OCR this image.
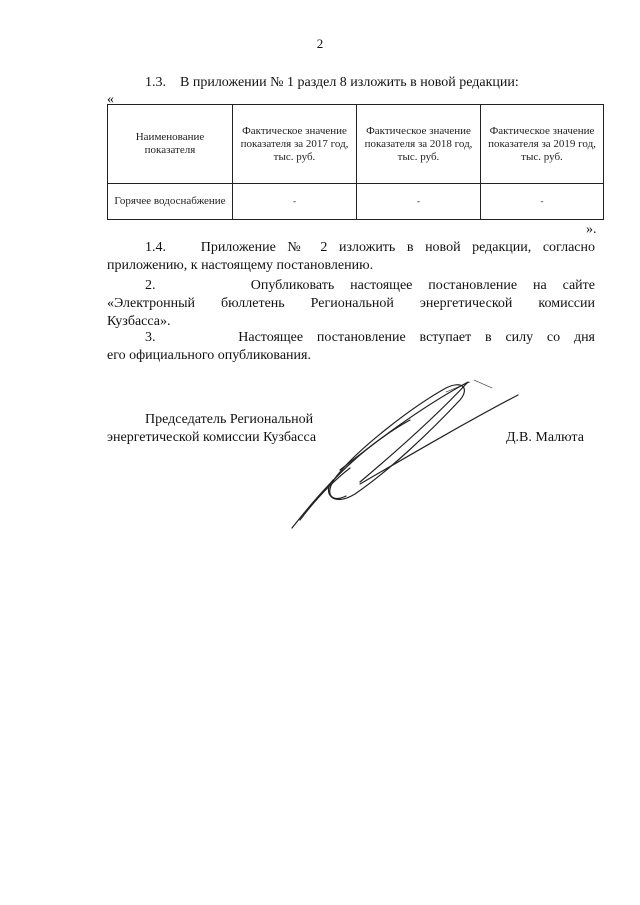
2
1.3.    В приложении № 1 раздел 8 изложить в новой редакции:
«
Наименование показателя	Фактическое значение показателя за 2017 год, тыс. руб.	Фактическое значение показателя за 2018 год, тыс. руб.	Фактическое значение показателя за 2019 год, тыс. руб.
Горячее водоснабжение	-	-	-
».
1.4.   Приложение № 2 изложить в новой редакции, согласно
приложению, к настоящему постановлению.
2.      Опубликовать настоящее постановление на сайте
«Электронный бюллетень Региональной энергетической комиссии
Кузбасса».
3.      Настоящее постановление вступает в силу со дня
его официального опубликования.
Председатель Региональной
энергетической комиссии Кузбасса	Д.В. Малюта
